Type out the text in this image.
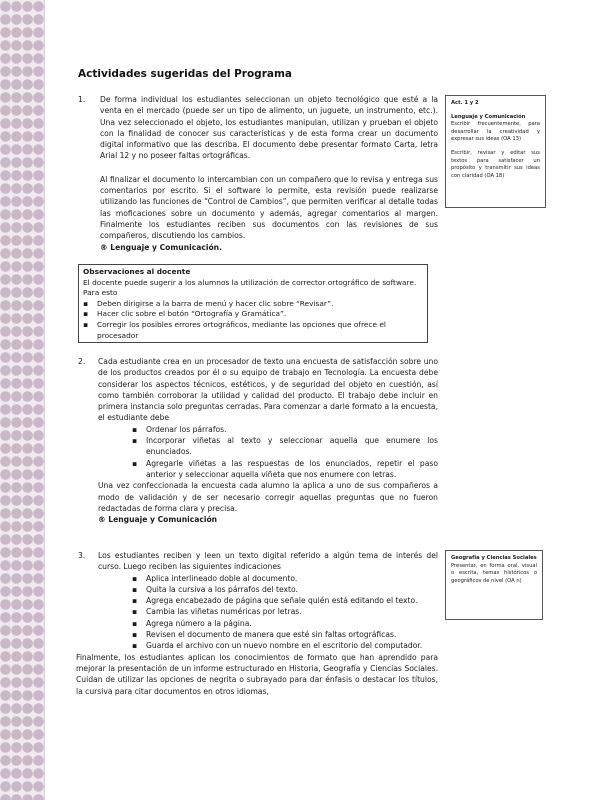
Actividades sugeridas del Programa
1. De forma individual los estudiantes seleccionan un objeto tecnológico que esté a la venta en el mercado (puede ser un tipo de alimento, un juguete, un instrumento, etc.). Una vez seleccionado el objeto, los estudiantes manipulan, utilizan y prueban el objeto con la finalidad de conocer sus características y de esta forma crear un documento digital informativo que las describa. El documento debe presentar formato Carta, letra Arial 12 y no poseer faltas ortográficas.

Al finalizar el documento lo intercambian con un compañero que lo revisa y entrega sus comentarios por escrito. Si el software lo permite, esta revisión puede realizarse utilizando las funciones de “Control de Cambios”, que permiten verificar al detalle todas las moficaciones sobre un documento y además, agregar comentarios al margen. Finalmente los estudiantes reciben sus documentos con las revisiones de sus compañeros, discutiendo los cambios.

® Lenguaje y Comunicación.

Observaciones al docente

El docente puede sugerir a los alumnos la utilización de corrector ortográfico de software. Para esto

▪ Deben dirigirse a la barra de menú y hacer clic sobre “Revisar”.
▪ Hacer clic sobre el botón “Ortografía y Gramática”.
▪ Corregir los posibles errores ortográficos, mediante las opciones que ofrece el procesador
2. Cada estudiante crea en un procesador de texto una encuesta de satisfacción sobre uno de los productos creados por él o su equipo de trabajo en Tecnología. La encuesta debe considerar los aspectos técnicos, estéticos, y de seguridad del objeto en cuestión, así como también corroborar la utilidad y calidad del producto. El trabajo debe incluir en primera instancia solo preguntas cerradas. Para comenzar a darle formato a la encuesta, el estudiante debe

▪ Ordenar los párrafos.
▪ Incorporar viñetas al texto y seleccionar aquella que enumere los enunciados.
▪ Agregarle viñetas a las respuestas de los enunciados, repetir el paso anterior y seleccionar aquella viñeta que nos enumere con letras.

Una vez confeccionada la encuesta cada alumno la aplica a uno de sus compañeros a modo de validación y de ser necesario corregir aquellas preguntas que no fueron redactadas de forma clara y precisa.

® Lenguaje y Comunicación

3. Los estudiantes reciben y leen un texto digital referido a algún tema de interés del curso. Luego reciben las siguientes indicaciones

▪ Aplica interlineado doble al documento.
▪ Quita la cursiva a los párrafos del texto.
▪ Agrega encabezado de página que señale quién está editando el texto.
▪ Cambia las viñetas numéricas por letras.
▪ Agrega número a la página.
▪ Revisen el documento de manera que esté sin faltas ortográficas.
▪ Guarda el archivo con un nuevo nombre en el escritorio del computador.

Finalmente, los estudiantes aplican los conocimientos de formato que han aprendido para mejorar la presentación de un informe estructurado en Historia, Geografía y Ciencias Sociales. Cuidan de utilizar las opciones de negrita o subrayado para dar énfasis o destacar los títulos, la cursiva para citar documentos en otros idiomas,

Act. 1 y 2

Lenguaje y Comunicación

Escribir frecuentemente, para desarrollar la creatividad y expresar sus ideas (OA 13)

Escribir, revisar y editar sus textos para satisfacer un propósito y transmitir sus ideas con claridad (OA 18)

Geografía y Ciencias Sociales

Presentar, en forma oral, visual o escrita, temas históricos o geográficos de nivel (OA n)
